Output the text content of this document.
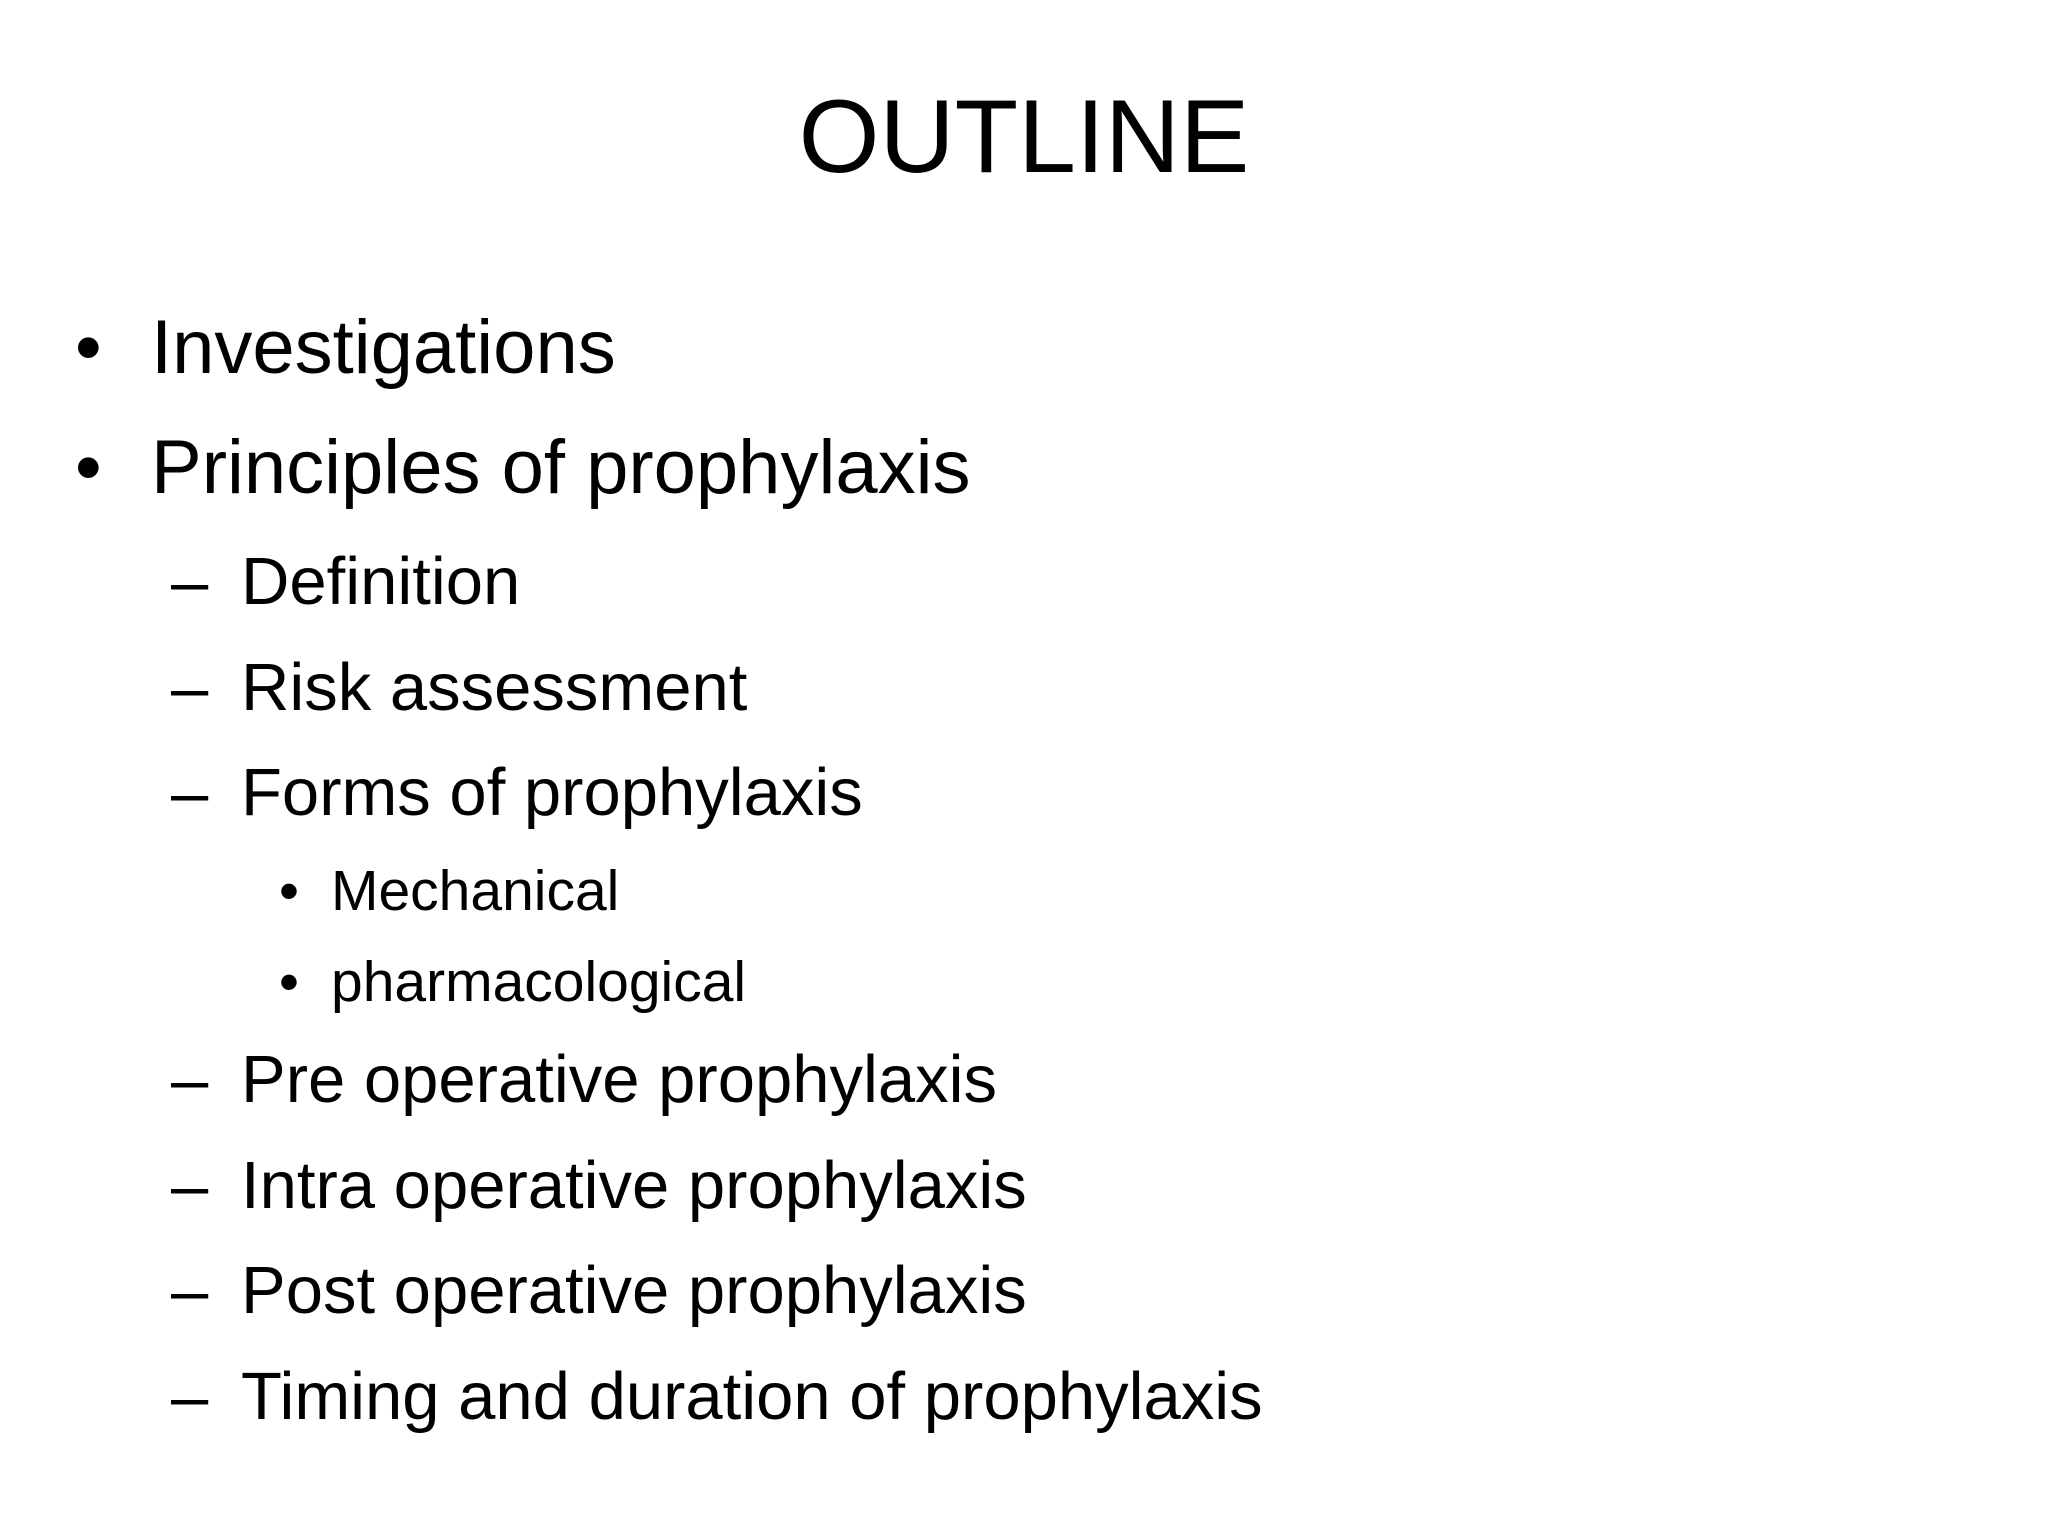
OUTLINE
• Investigations
• Principles of prophylaxis
– Definition
– Risk assessment
– Forms of prophylaxis
• Mechanical
• pharmacological
– Pre operative prophylaxis
– Intra operative prophylaxis
– Post operative prophylaxis
– Timing and duration of prophylaxis
